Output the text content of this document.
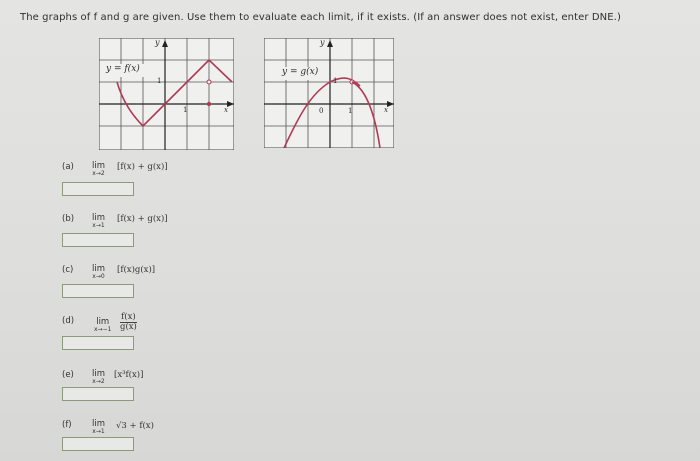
The graphs of f and g are given. Use them to evaluate each limit, if it exists. (If an answer does not exist, enter DNE.)
y = f(x)
y
x
1
1
y = g(x)
y
x
0	1
1
(a) lim
x→2
[f(x) + g(x)]
(b) lim
x→1
[f(x) + g(x)]
(c) lim
x→0
[f(x)g(x)]
(d)	lim
$x\to-1 \frac{f(x)}{g(x)}$
(e) lim
x→2
[x³f(x)]
(f) lim
x→1
√3 + f(x)
